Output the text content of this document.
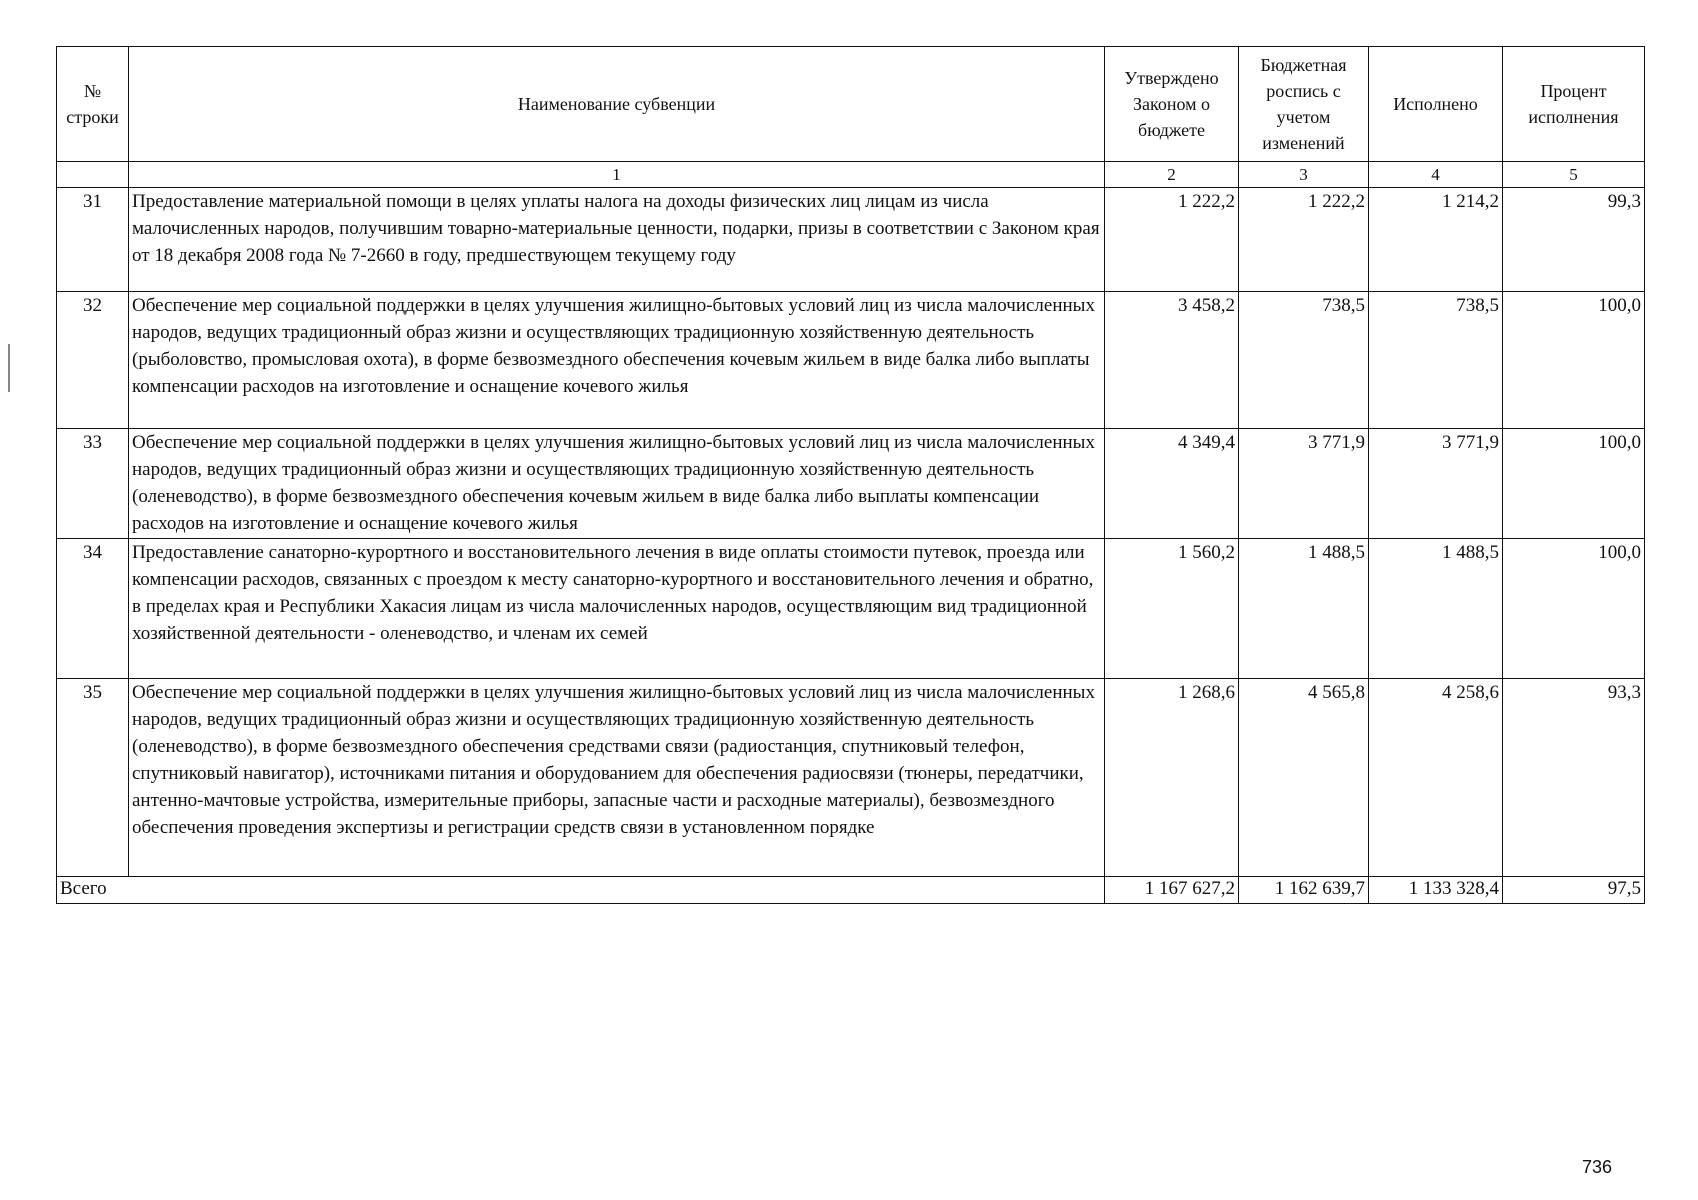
№ строки	Наименование субвенции	Утверждено Законом о бюджете	Бюджетная роспись с учетом изменений	Исполнено	Процент исполнения
	1	2	3	4	5
31	Предоставление материальной помощи в целях уплаты налога на доходы физических лиц лицам из числа малочисленных народов, получившим товарно-материальные ценности, подарки, призы в соответствии с Законом края от 18 декабря 2008 года № 7-2660 в году, предшествующем текущему году	1 222,2	1 222,2	1 214,2	99,3
32	Обеспечение мер социальной поддержки в целях улучшения жилищно-бытовых условий лиц из числа малочисленных народов, ведущих традиционный образ жизни и осуществляющих традиционную хозяйственную деятельность (рыболовство, промысловая охота), в форме безвозмездного обеспечения кочевым жильем в виде балка либо выплаты компенсации расходов на изготовление и оснащение кочевого жилья	3 458,2	738,5	738,5	100,0
33	Обеспечение мер социальной поддержки в целях улучшения жилищно-бытовых условий лиц из числа малочисленных народов, ведущих традиционный образ жизни и осуществляющих традиционную хозяйственную деятельность (оленеводство), в форме безвозмездного обеспечения кочевым жильем в виде балка либо выплаты компенсации расходов на изготовление и оснащение кочевого жилья	4 349,4	3 771,9	3 771,9	100,0
34	Предоставление санаторно-курортного и восстановительного лечения в виде оплаты стоимости путевок, проезда или компенсации расходов, связанных с проездом к месту санаторно-курортного и восстановительного лечения и обратно, в пределах края и Республики Хакасия лицам из числа малочисленных народов, осуществляющим вид традиционной хозяйственной деятельности - оленеводство, и членам их семей	1 560,2	1 488,5	1 488,5	100,0
35	Обеспечение мер социальной поддержки в целях улучшения жилищно-бытовых условий лиц из числа малочисленных народов, ведущих традиционный образ жизни и осуществляющих традиционную хозяйственную деятельность (оленеводство), в форме безвозмездного обеспечения средствами связи (радиостанция, спутниковый телефон, спутниковый навигатор), источниками питания и оборудованием для обеспечения радиосвязи (тюнеры, передатчики, антенно-мачтовые устройства, измерительные приборы, запасные части и расходные материалы), безвозмездного обеспечения проведения экспертизы и регистрации средств связи в установленном порядке	1 268,6	4 565,8	4 258,6	93,3
Всего		1 167 627,2	1 162 639,7	1 133 328,4	97,5
736
